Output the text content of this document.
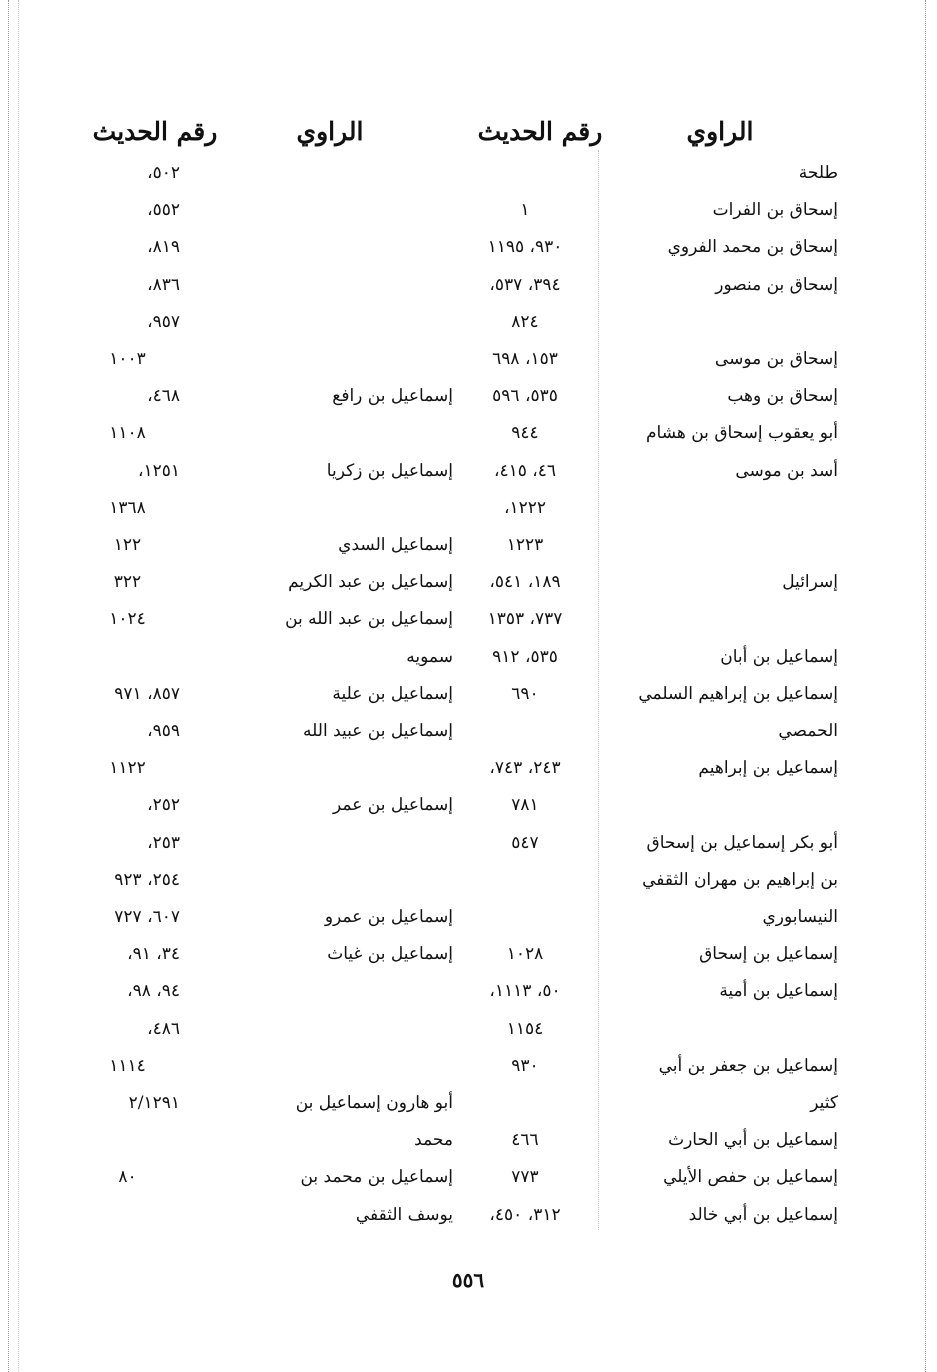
الراوي
رقم الحديث
الراوي
رقم الحديث
طلحة
٥٠٢،
إسحاق بن الفرات
١
٥٥٢،
إسحاق بن محمد الفروي
٩٣٠، ١١٩٥
٨١٩،
إسحاق بن منصور
٣٩٤، ٥٣٧،
٨٣٦،
٨٢٤
٩٥٧،
إسحاق بن موسى
١٥٣، ٦٩٨
١٠٠٣
إسحاق بن وهب
٥٣٥، ٥٩٦
إسماعيل بن رافع
٤٦٨،
أبو يعقوب إسحاق بن هشام
٩٤٤
١١٠٨
أسد بن موسى
٤٦، ٤١٥،
إسماعيل بن زكريا
١٢٥١،
١٢٢٢،
١٣٦٨
١٢٢٣
إسماعيل السدي
١٢٢
إسرائيل
١٨٩، ٥٤١،
إسماعيل بن عبد الكريم
٣٢٢
٧٣٧، ١٣٥٣
إسماعيل بن عبد الله بن
١٠٢٤
إسماعيل بن أبان
٥٣٥، ٩١٢
سمويه
إسماعيل بن إبراهيم السلمي
٦٩٠
إسماعيل بن علية
٨٥٧، ٩٧١
الحمصي
إسماعيل بن عبيد الله
٩٥٩،
إسماعيل بن إبراهيم
٢٤٣، ٧٤٣،
١١٢٢
٧٨١
إسماعيل بن عمر
٢٥٢،
أبو بكر إسماعيل بن إسحاق
٥٤٧
٢٥٣،
بن إبراهيم بن مهران الثقفي
٢٥٤، ٩٢٣
النيسابوري
إسماعيل بن عمرو
٦٠٧، ٧٢٧
إسماعيل بن إسحاق
١٠٢٨
إسماعيل بن غياث
٣٤، ٩١،
إسماعيل بن أمية
٥٠، ١١١٣،
٩٤، ٩٨،
١١٥٤
٤٨٦،
إسماعيل بن جعفر بن أبي
٩٣٠
١١١٤
كثير
أبو هارون إسماعيل بن
٢/١٢٩١
إسماعيل بن أبي الحارث
٤٦٦
محمد
إسماعيل بن حفص الأيلي
٧٧٣
إسماعيل بن محمد بن
٨٠
إسماعيل بن أبي خالد
٣١٢، ٤٥٠،
يوسف الثقفي
٥٥٦
